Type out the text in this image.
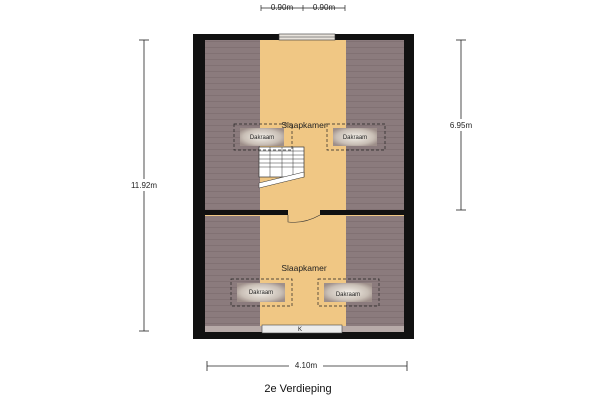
K
Dakraam	Dakraam
Dakraam	Dakraam
Slaapkamer
Slaapkamer
0.90m 0.90m
11.92m
6.95m
4.10m
2e Verdieping
